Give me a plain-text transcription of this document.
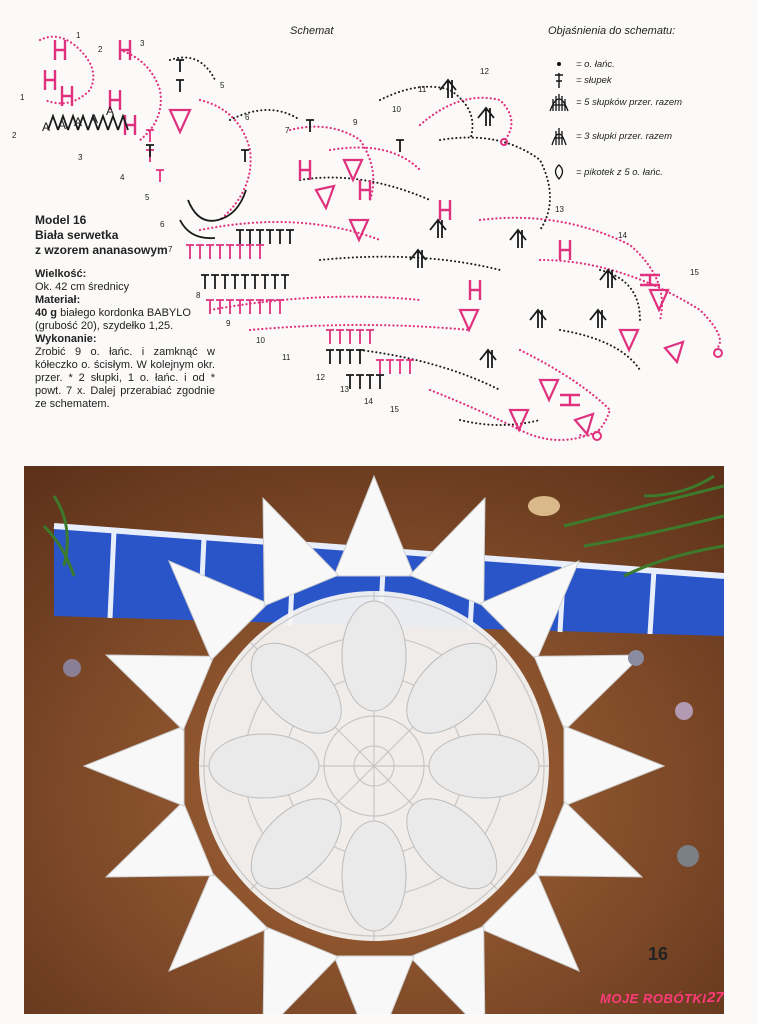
Schemat
1
2
3
1
2
3
4
5
5
6
6
7
7
9
8
9
10
10
11
11
12
12
13
13
14
14
15
15
A A A A
A
Objaśnienia do schematu:
= o. łańc.
= słupek
= 5 słupków przer. razem
= 3 słupki przer. razem
= pikotek z 5 o. łańc.
Model 16
Biała serwetka
z wzorem ananasowym
Wielkość:
Ok. 42 cm średnicy
Materiał:
40 g białego kordonka BABYLO (grubość 20), szydełko 1,25.
Wykonanie:
Zrobić 9 o. łańc. i zamknąć w kółeczko o. ścisłym. W kolejnym okr. przer. * 2 słupki, 1 o. łańc. i od * powt. 7 x. Dalej przerabiać zgodnie ze schematem.
16
MOJE ROBÓTKI 27
